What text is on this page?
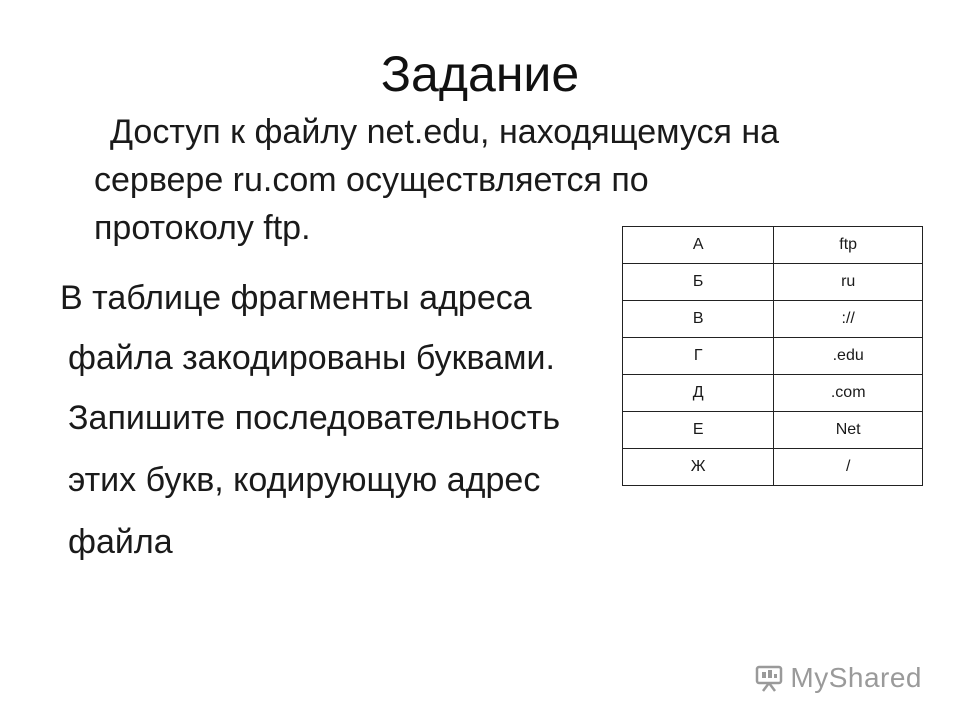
Задание
Доступ к файлу net.edu, находящемуся на
сервере ru.com осуществляется по
протоколу ftp.
В таблице фрагменты адреса
файла закодированы буквами.
Запишите последовательность
этих букв, кодирующую адрес
файла
А	ftp
Б	ru
В	://
Г	.edu
Д	.com
Е	Net
Ж	/
MyShared
